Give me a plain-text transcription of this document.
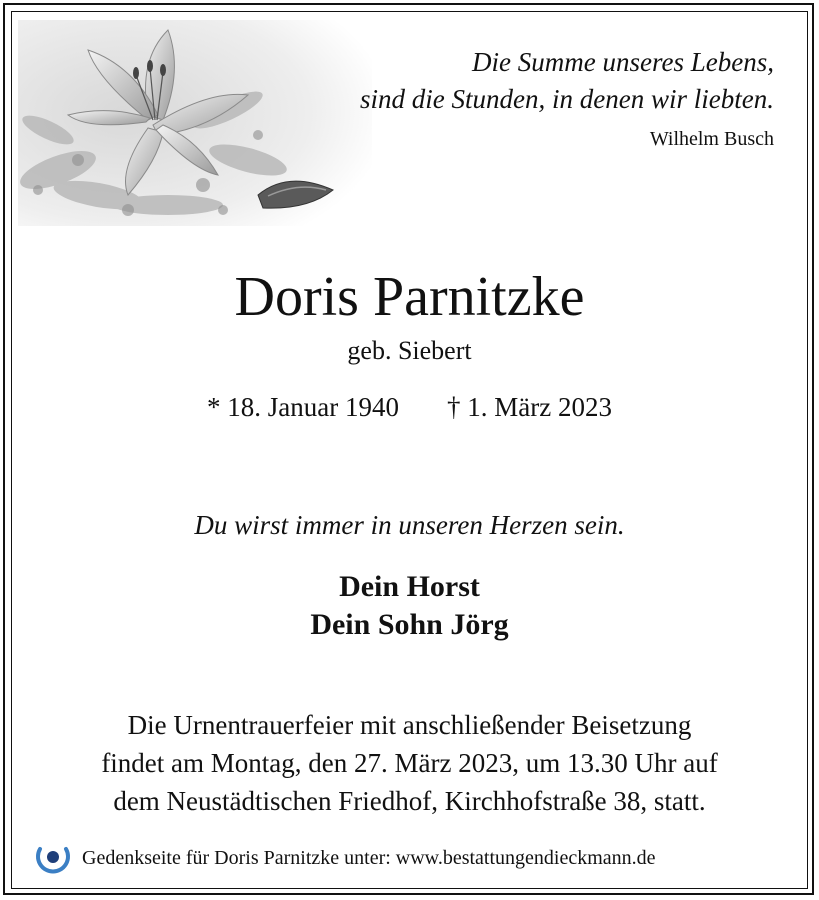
Die Summe unseres Lebens,
sind die Stunden, in denen wir liebten.
Wilhelm Busch
Doris Parnitzke
geb. Siebert
* 18. Januar 1940 † 1. März 2023
Du wirst immer in unseren Herzen sein.
Dein Horst
Dein Sohn Jörg
Die Urnentrauerfeier mit anschließender Beisetzung
findet am Montag, den 27. März 2023, um 13.30 Uhr auf
dem Neustädtischen Friedhof, Kirchhofstraße 38, statt.
Gedenkseite für Doris Parnitzke unter: www.bestattungendieckmann.de
